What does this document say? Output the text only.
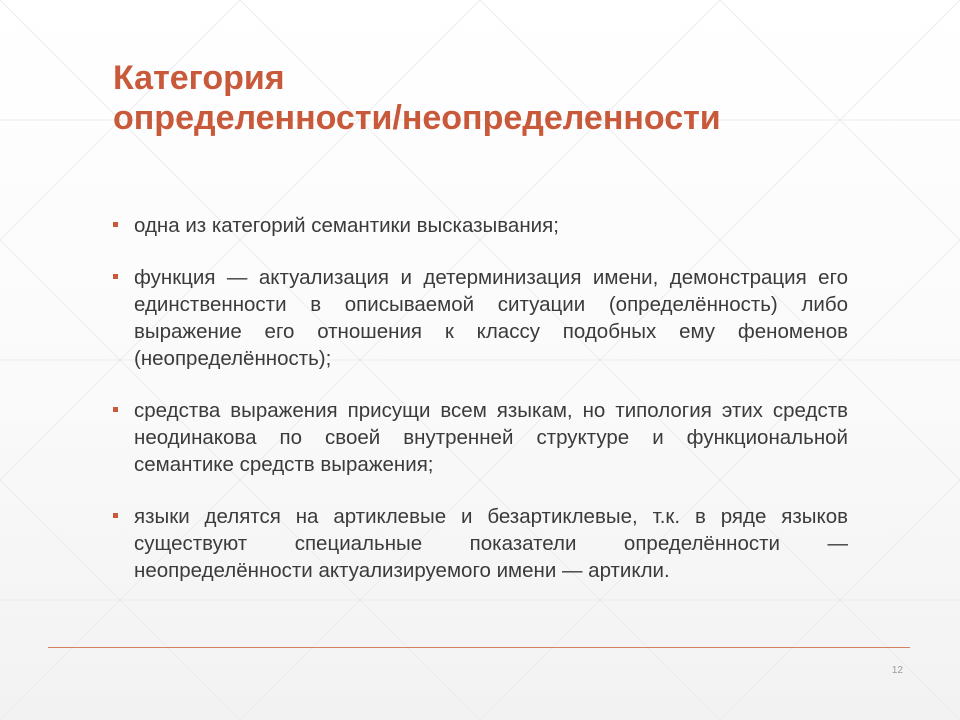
Категория
определенности/неопределенности
одна из категорий семантики высказывания;
функция — актуализация и детерминизация имени, демонстрация его единственности в описываемой ситуации (определённость) либо выражение его отношения к классу подобных ему феноменов (неопределённость);
средства выражения присущи всем языкам, но типология этих средств неодинакова по своей внутренней структуре и функциональной семантике средств выражения;
языки делятся на артиклевые и безартиклевые, т.к. в ряде языков существуют специальные показатели определённости —неопределённости актуализируемого имени — артикли.
12
